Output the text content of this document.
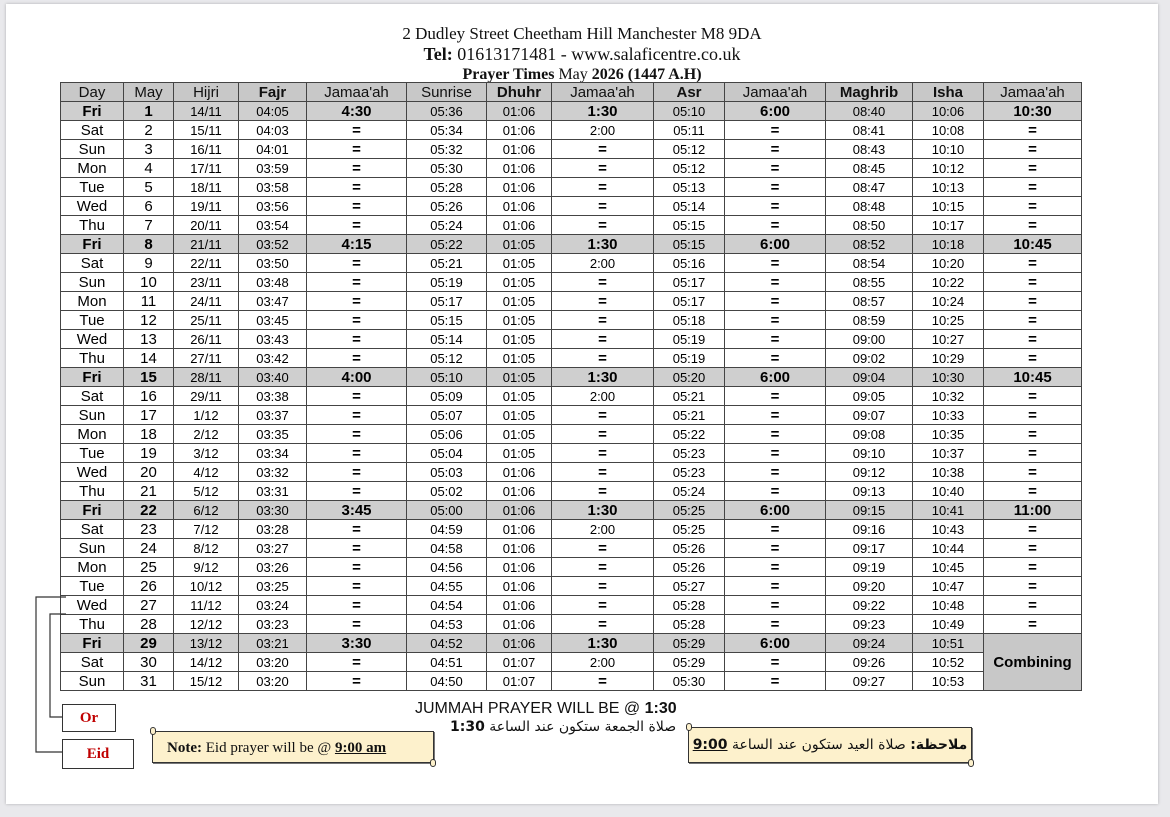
2 Dudley Street Cheetham Hill Manchester M8 9DA
Tel: 01613171481 - www.salaficentre.co.uk
Prayer Times May 2026 (1447 A.H)
Day	May	Hijri	Fajr	Jamaa'ah	Sunrise	Dhuhr	Jamaa'ah	Asr	Jamaa'ah	Maghrib	Isha	Jamaa'ah
Fri	1	14/11	04:05	4:30	05:36	01:06	1:30	05:10	6:00	08:40	10:06	10:30
Sat	2	15/11	04:03	=	05:34	01:06	2:00	05:11	=	08:41	10:08	=
Sun	3	16/11	04:01	=	05:32	01:06	=	05:12	=	08:43	10:10	=
Mon	4	17/11	03:59	=	05:30	01:06	=	05:12	=	08:45	10:12	=
Tue	5	18/11	03:58	=	05:28	01:06	=	05:13	=	08:47	10:13	=
Wed	6	19/11	03:56	=	05:26	01:06	=	05:14	=	08:48	10:15	=
Thu	7	20/11	03:54	=	05:24	01:06	=	05:15	=	08:50	10:17	=
Fri	8	21/11	03:52	4:15	05:22	01:05	1:30	05:15	6:00	08:52	10:18	10:45
Sat	9	22/11	03:50	=	05:21	01:05	2:00	05:16	=	08:54	10:20	=
Sun	10	23/11	03:48	=	05:19	01:05	=	05:17	=	08:55	10:22	=
Mon	11	24/11	03:47	=	05:17	01:05	=	05:17	=	08:57	10:24	=
Tue	12	25/11	03:45	=	05:15	01:05	=	05:18	=	08:59	10:25	=
Wed	13	26/11	03:43	=	05:14	01:05	=	05:19	=	09:00	10:27	=
Thu	14	27/11	03:42	=	05:12	01:05	=	05:19	=	09:02	10:29	=
Fri	15	28/11	03:40	4:00	05:10	01:05	1:30	05:20	6:00	09:04	10:30	10:45
Sat	16	29/11	03:38	=	05:09	01:05	2:00	05:21	=	09:05	10:32	=
Sun	17	1/12	03:37	=	05:07	01:05	=	05:21	=	09:07	10:33	=
Mon	18	2/12	03:35	=	05:06	01:05	=	05:22	=	09:08	10:35	=
Tue	19	3/12	03:34	=	05:04	01:05	=	05:23	=	09:10	10:37	=
Wed	20	4/12	03:32	=	05:03	01:06	=	05:23	=	09:12	10:38	=
Thu	21	5/12	03:31	=	05:02	01:06	=	05:24	=	09:13	10:40	=
Fri	22	6/12	03:30	3:45	05:00	01:06	1:30	05:25	6:00	09:15	10:41	11:00
Sat	23	7/12	03:28	=	04:59	01:06	2:00	05:25	=	09:16	10:43	=
Sun	24	8/12	03:27	=	04:58	01:06	=	05:26	=	09:17	10:44	=
Mon	25	9/12	03:26	=	04:56	01:06	=	05:26	=	09:19	10:45	=
Tue	26	10/12	03:25	=	04:55	01:06	=	05:27	=	09:20	10:47	=
Wed	27	11/12	03:24	=	04:54	01:06	=	05:28	=	09:22	10:48	=
Thu	28	12/12	03:23	=	04:53	01:06	=	05:28	=	09:23	10:49	=
Fri	29	13/12	03:21	3:30	04:52	01:06	1:30	05:29	6:00	09:24	10:51	Combining
Sat	30	14/12	03:20	=	04:51	01:07	2:00	05:29	=	09:26	10:52	
Sun	31	15/12	03:20	=	04:50	01:07	=	05:30	=	09:27	10:53	
Or
Eid
JUMMAH PRAYER WILL BE @ 1:30
صلاة الجمعة ستكون عند الساعة 1:30
Note: Eid prayer will be @ 9:00 am	ملاحظة: صلاة العيد ستكون عند الساعة 9:00
